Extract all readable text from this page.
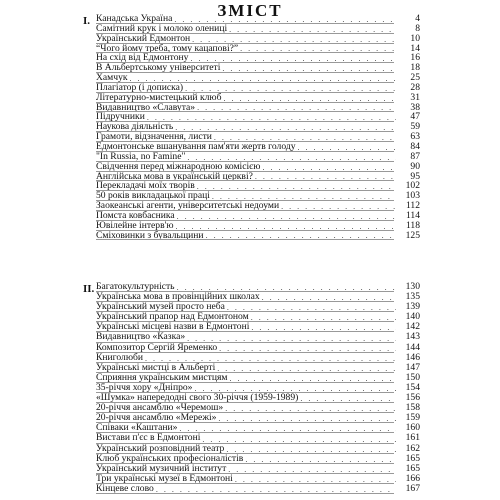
ЗМІСТ
I. Канадська Україна . . .	4
Самітний крук і молоко олениці . . .	8
Український Едмонтон . . .	10
“Чого йому треба, тому кацапові?” . . .	14
На схід від Едмонтону . . .	16
В Альбертському університеті . . .	18
Хамчук . . .	25
Плагіатор (і дописка) . . .	28
Літературно-мистецький клюб . . .	31
Видавництво «Славута» . . .	38
Підручники . . .	47
Наукова діяльність . . .	59
Грамоти, відзначення, листи . . .	63
Едмонтонське вшанування пам'яти жертв голоду . . .	84
"In Russia, no Famine" . . .	87
Свідчення перед міжнародною комісією . . .	90
Англійська мова в українській церкві? . . .	95
Перекладачі моїх творів . . .	102
50 років викладацької праці . . .	103
Заокеанські агенти, університетські недоуми . . .	112
Помста ковбасника . . .	114
Ювілейне інтерв'ю . . .	118
Сміховинки з бувальщини . . .	125
II. Багатокультурність . . .	130
Українська мова в провінційних школах . . .	135
Український музей просто неба . . .	139
Український прапор над Едмонтоном . . .	140
Українські місцеві назви в Едмонтоні . . .	142
Видавництво «Казка» . . .	143
Композитор Сергій Яременко . . .	144
Книголюби . . .	146
Українські мистці в Альберті . . .	147
Сприяння українським мистцям . . .	150
35-річчя хору «Дніпро» . . .	154
«Шумка» напередодні свого 30-річчя (1959-1989) . . .	156
20-річчя ансамблю «Черемош» . . .	158
20-річчя ансамблю «Мережі» . . .	159
Співаки «Каштани» . . .	160
Вистави п'єс в Едмонтоні . . .	161
Український розповідний театр . . .	162
Клюб українських професіоналістів . . .	165
Український музичний інститут . . .	165
Три українські музеї в Едмонтоні . . .	166
Кінцеве слово . . .	167
